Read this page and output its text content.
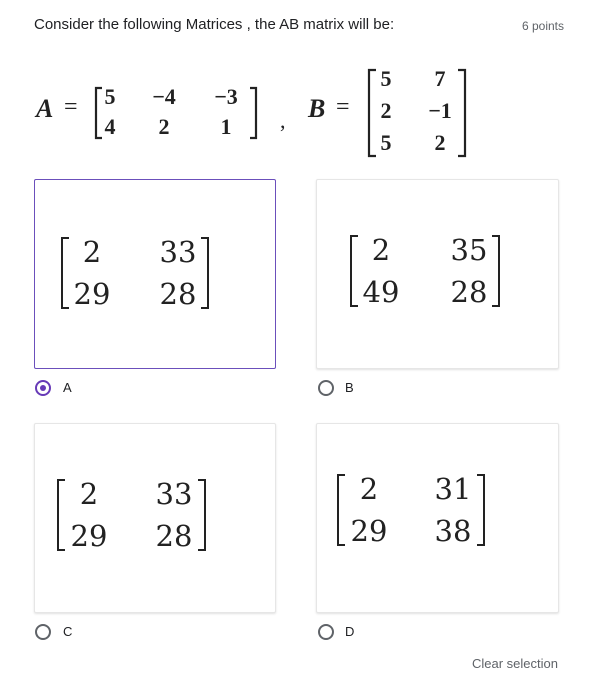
Consider the following Matrices , the AB matrix will be:	6 points
A =	5	−4	−3
4	2	1	, B =
5	7
2	−1
5	2
2 33
29 28
2 35
49 28
A	B
2 33
29 28
2 31
29 38
C	D
Clear selection
